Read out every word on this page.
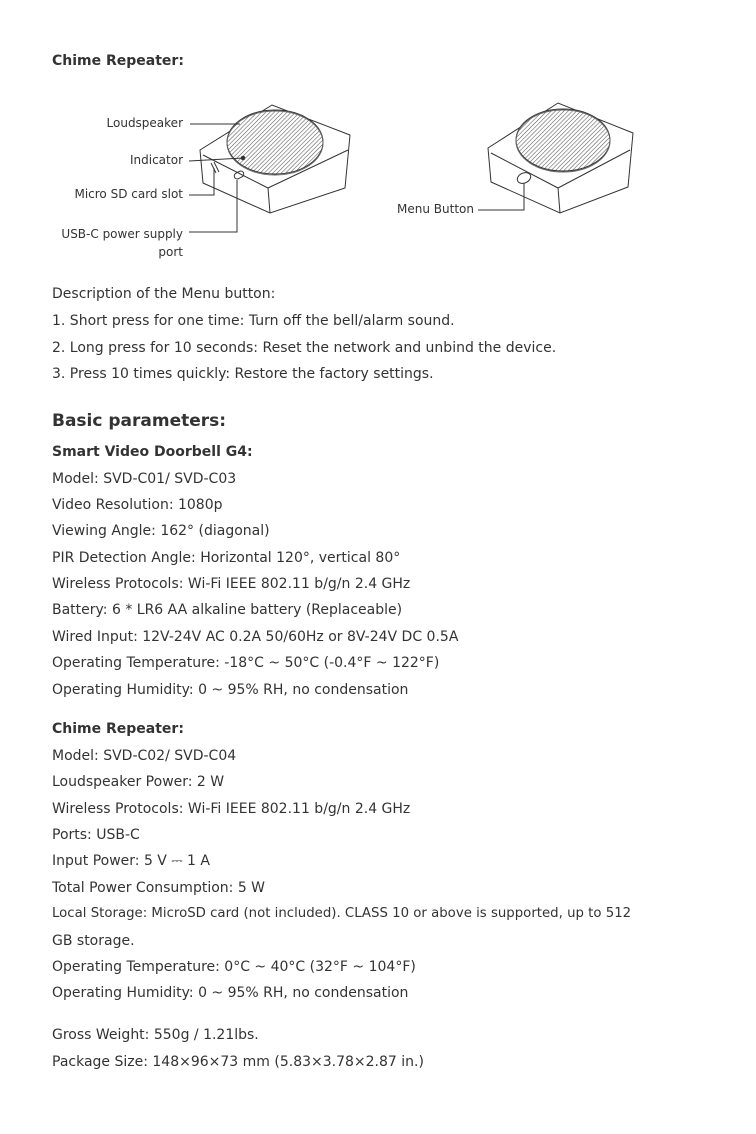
Chime Repeater:
Loudspeaker
Indicator
Micro SD card slot
USB-C power supply
port
Menu Button
Description of the Menu button:
1. Short press for one time: Turn off the bell/alarm sound.
2. Long press for 10 seconds: Reset the network and unbind the device.
3. Press 10 times quickly: Restore the factory settings.
Basic parameters:
Smart Video Doorbell G4:
Model: SVD-C01/ SVD-C03
Video Resolution: 1080p
Viewing Angle: 162° (diagonal)
PIR Detection Angle: Horizontal 120°, vertical 80°
Wireless Protocols: Wi-Fi IEEE 802.11 b/g/n 2.4 GHz
Battery: 6 * LR6 AA alkaline battery (Replaceable)
Wired Input: 12V-24V AC 0.2A 50/60Hz or 8V-24V DC 0.5A
Operating Temperature: -18°C ~ 50°C (-0.4°F ~ 122°F)
Operating Humidity: 0 ~ 95% RH, no condensation
Chime Repeater:
Model: SVD-C02/ SVD-C04
Loudspeaker Power: 2 W
Wireless Protocols: Wi-Fi IEEE 802.11 b/g/n 2.4 GHz
Ports: USB-C
Input Power: 5 V ⎓ 1 A
Total Power Consumption: 5 W
Local Storage: MicroSD card (not included). CLASS 10 or above is supported, up to 512
GB storage.
Operating Temperature: 0°C ~ 40°C (32°F ~ 104°F)
Operating Humidity: 0 ~ 95% RH, no condensation
Gross Weight: 550g / 1.21lbs.
Package Size: 148×96×73 mm (5.83×3.78×2.87 in.)
